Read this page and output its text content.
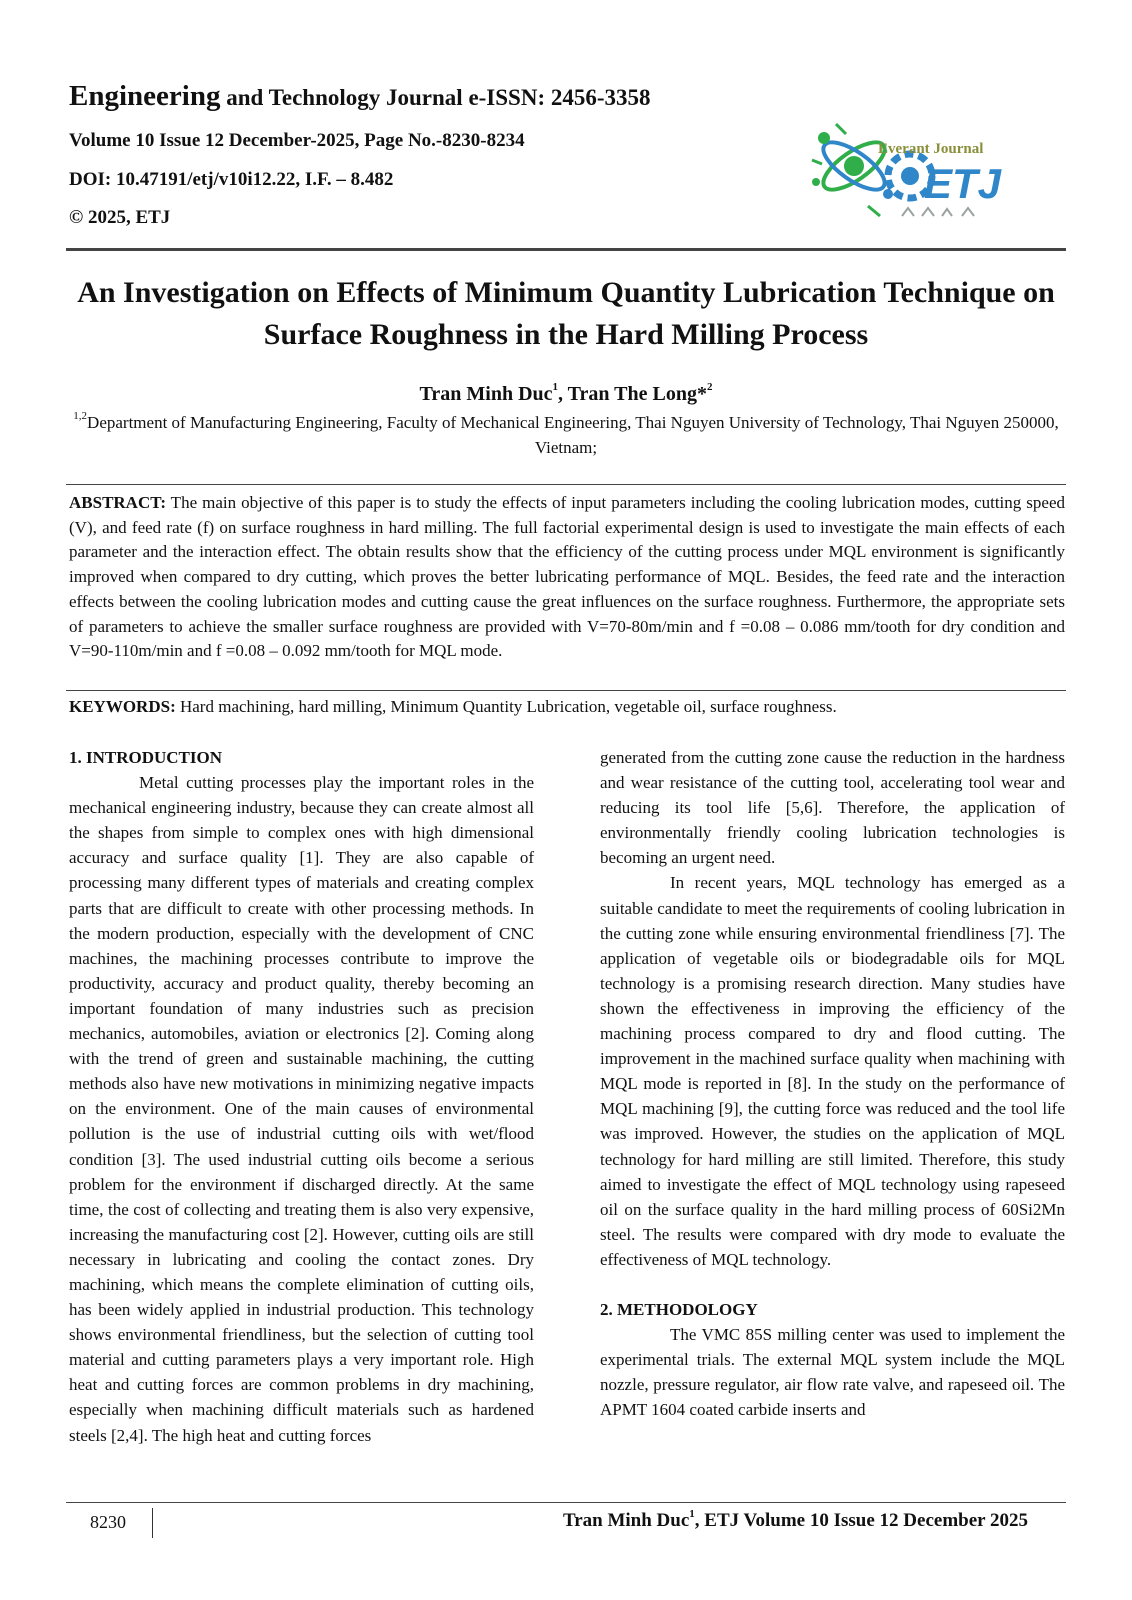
Engineering and Technology Journal e-ISSN: 2456-3358
Volume 10 Issue 12 December-2025, Page No.-8230-8234
DOI: 10.47191/etj/v10i12.22, I.F. – 8.482
© 2025, ETJ
Everant Journal
ETJ
An Investigation on Effects of Minimum Quantity Lubrication Technique on Surface Roughness in the Hard Milling Process
Tran Minh Duc$^1$, Tran The Long*$^2$
$^{1,2}$Department of Manufacturing Engineering, Faculty of Mechanical Engineering, Thai Nguyen University of Technology, Thai Nguyen 250000, Vietnam;
ABSTRACT: The main objective of this paper is to study the effects of input parameters including the cooling lubrication modes, cutting speed (V), and feed rate (f) on surface roughness in hard milling. The full factorial experimental design is used to investigate the main effects of each parameter and the interaction effect. The obtain results show that the efficiency of the cutting process under MQL environment is significantly improved when compared to dry cutting, which proves the better lubricating performance of MQL. Besides, the feed rate and the interaction effects between the cooling lubrication modes and cutting cause the great influences on the surface roughness. Furthermore, the appropriate sets of parameters to achieve the smaller surface roughness are provided with V=70-80m/min and f =0.08 – 0.086 mm/tooth for dry condition and V=90-110m/min and f =0.08 – 0.092 mm/tooth for MQL mode.
KEYWORDS: Hard machining, hard milling, Minimum Quantity Lubrication, vegetable oil, surface roughness.
1. INTRODUCTION

Metal cutting processes play the important roles in the mechanical engineering industry, because they can create almost all the shapes from simple to complex ones with high dimensional accuracy and surface quality [1]. They are also capable of processing many different types of materials and creating complex parts that are difficult to create with other processing methods. In the modern production, especially with the development of CNC machines, the machining processes contribute to improve the productivity, accuracy and product quality, thereby becoming an important foundation of many industries such as precision mechanics, automobiles, aviation or electronics [2]. Coming along with the trend of green and sustainable machining, the cutting methods also have new motivations in minimizing negative impacts on the environment. One of the main causes of environmental pollution is the use of industrial cutting oils with wet/flood condition [3]. The used industrial cutting oils become a serious problem for the environment if discharged directly. At the same time, the cost of collecting and treating them is also very expensive, increasing the manufacturing cost [2]. However, cutting oils are still necessary in lubricating and cooling the contact zones. Dry machining, which means the complete elimination of cutting oils, has been widely applied in industrial production. This technology shows environmental friendliness, but the selection of cutting tool material and cutting parameters plays a very important role. High heat and cutting forces are common problems in dry machining, especially when machining difficult materials such as hardened steels [2,4]. The high heat and cutting forces

generated from the cutting zone cause the reduction in the hardness and wear resistance of the cutting tool, accelerating tool wear and reducing its tool life [5,6]. Therefore, the application of environmentally friendly cooling lubrication technologies is becoming an urgent need.

In recent years, MQL technology has emerged as a suitable candidate to meet the requirements of cooling lubrication in the cutting zone while ensuring environmental friendliness [7]. The application of vegetable oils or biodegradable oils for MQL technology is a promising research direction. Many studies have shown the effectiveness in improving the efficiency of the machining process compared to dry and flood cutting. The improvement in the machined surface quality when machining with MQL mode is reported in [8]. In the study on the performance of MQL machining [9], the cutting force was reduced and the tool life was improved. However, the studies on the application of MQL technology for hard milling are still limited. Therefore, this study aimed to investigate the effect of MQL technology using rapeseed oil on the surface quality in the hard milling process of 60Si2Mn steel. The results were compared with dry mode to evaluate the effectiveness of MQL technology.

2. METHODOLOGY

The VMC 85S milling center was used to implement the experimental trials. The external MQL system include the MQL nozzle, pressure regulator, air flow rate valve, and rapeseed oil. The APMT 1604 coated carbide inserts and

8230	Tran Minh Duc$^1$, ETJ Volume 10 Issue 12 December 2025
